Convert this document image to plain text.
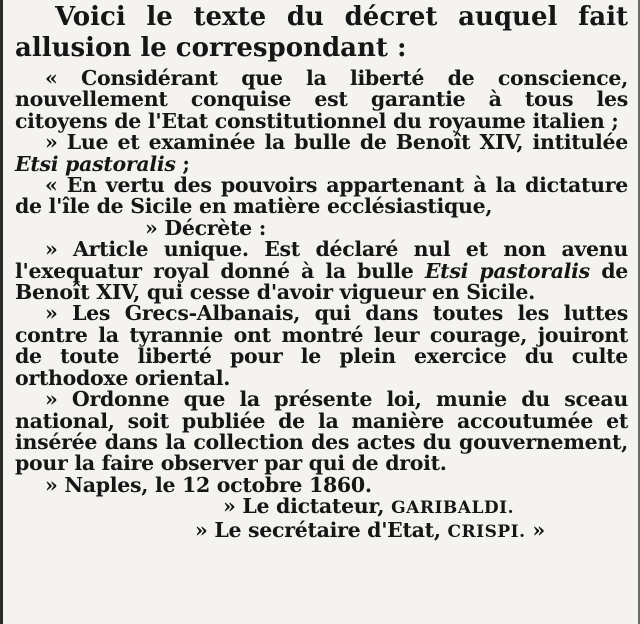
Voici le texte du décret auquel fait allusion le correspondant :

« Considérant que la liberté de conscience, nouvellement conquise est garantie à tous les citoyens de l'Etat constitutionnel du royaume italien ;

» Lue et examinée la bulle de Benoît XIV, intitulée Etsi pastoralis ;

« En vertu des pouvoirs appartenant à la dictature de l'île de Sicile en matière ecclésiastique,

» Décrète :

» Article unique. Est déclaré nul et non avenu l'exequatur royal donné à la bulle Etsi pastoralis de Benoît XIV, qui cesse d'avoir vigueur en Sicile.

» Les Grecs-Albanais, qui dans toutes les luttes contre la tyrannie ont montré leur courage, jouiront de toute liberté pour le plein exercice du culte orthodoxe oriental.

» Ordonne que la présente loi, munie du sceau national, soit publiée de la manière accoutumée et insérée dans la collection des actes du gouvernement, pour la faire observer par qui de droit.

» Naples, le 12 octobre 1860.

» Le dictateur, GARIBALDI.

» Le secrétaire d'Etat, CRISPI. »
